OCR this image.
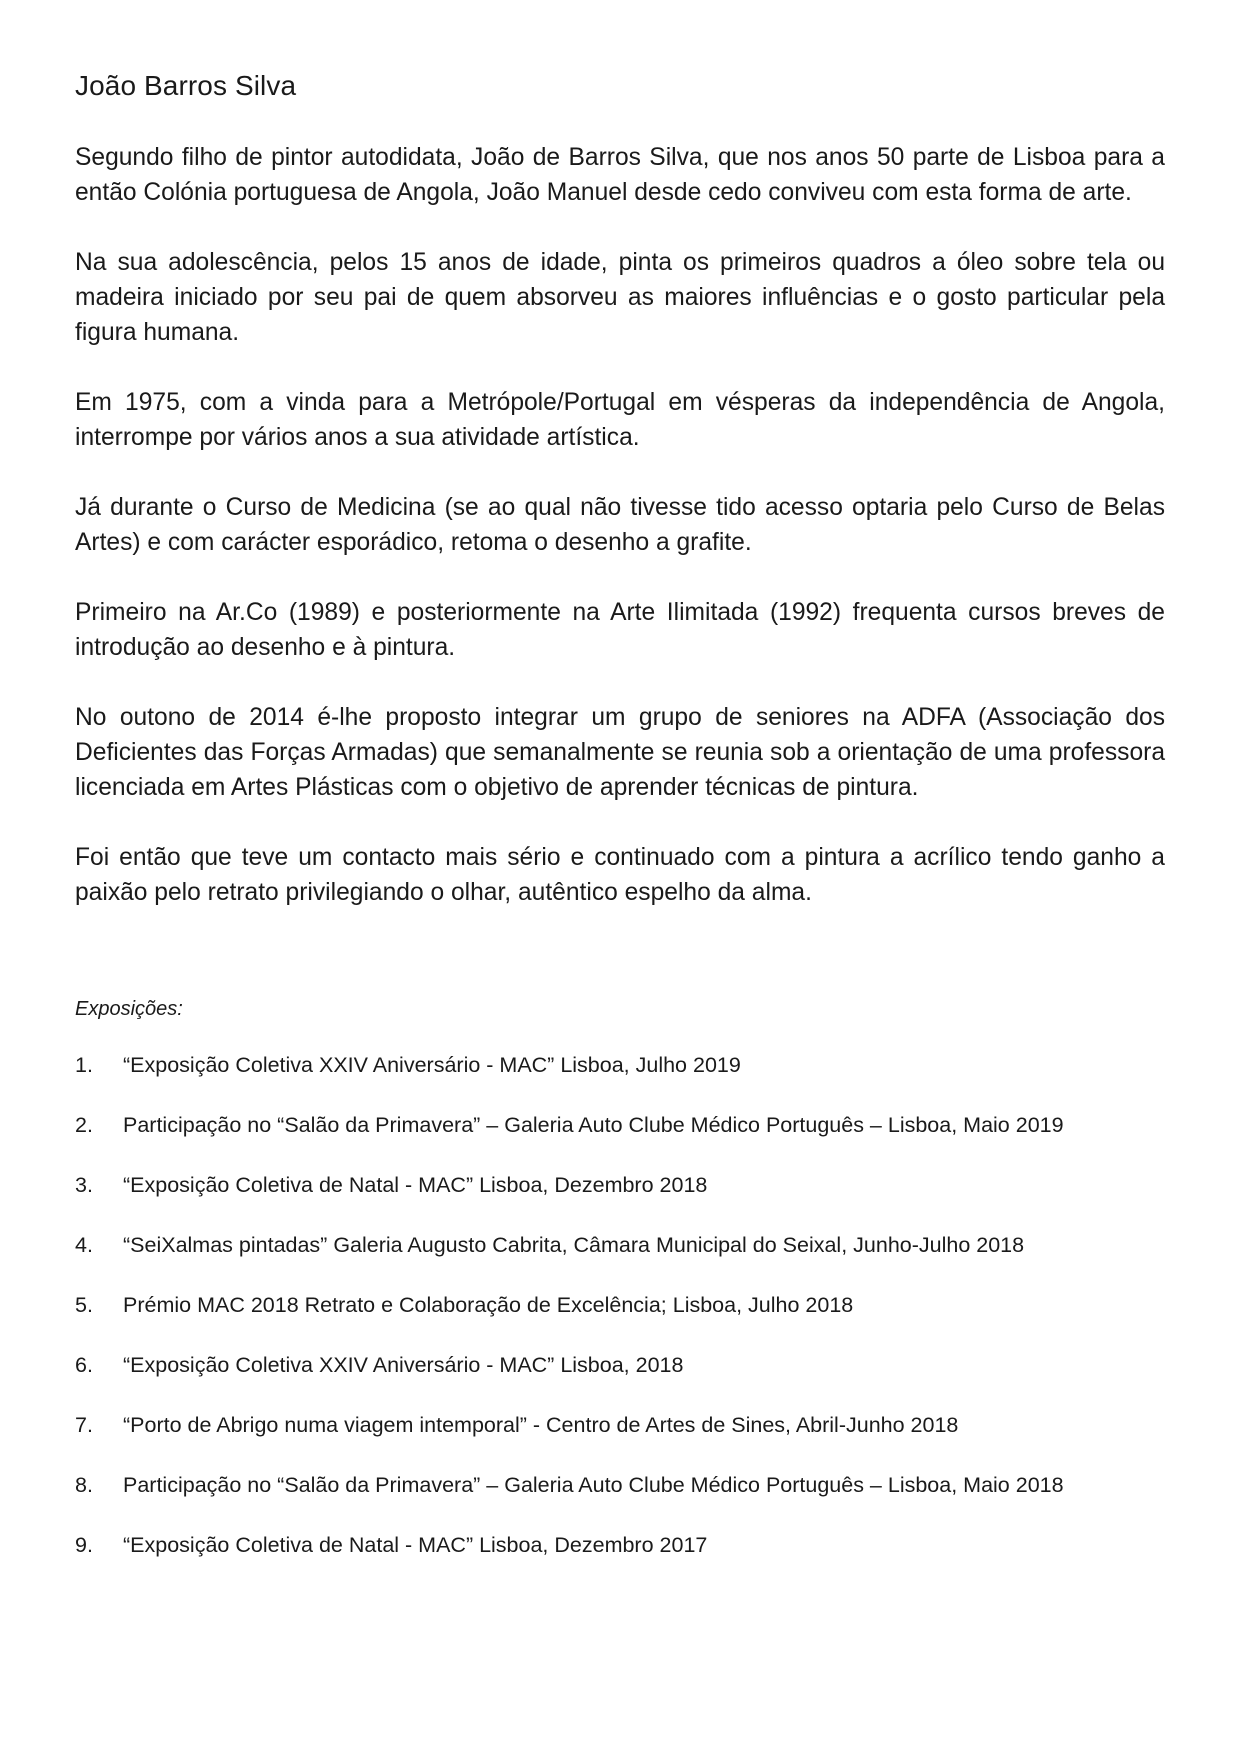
João Barros Silva

Segundo filho de pintor autodidata, João de Barros Silva, que nos anos 50 parte de Lisboa para a então Colónia portuguesa de Angola, João Manuel desde cedo conviveu com esta forma de arte.

Na sua adolescência, pelos 15 anos de idade, pinta os primeiros quadros a óleo sobre tela ou madeira iniciado por seu pai de quem absorveu as maiores influências e o gosto particular pela figura humana.

Em 1975, com a vinda para a Metrópole/Portugal em vésperas da independência de Angola, interrompe por vários anos a sua atividade artística.

Já durante o Curso de Medicina (se ao qual não tivesse tido acesso optaria pelo Curso de Belas Artes) e com carácter esporádico, retoma o desenho a grafite.

Primeiro na Ar.Co (1989) e posteriormente na Arte Ilimitada (1992) frequenta cursos breves de introdução ao desenho e à pintura.

No outono de 2014 é-lhe proposto integrar um grupo de seniores na ADFA (Associação dos Deficientes das Forças Armadas) que semanalmente se reunia sob a orientação de uma professora licenciada em Artes Plásticas com o objetivo de aprender técnicas de pintura.

Foi então que teve um contacto mais sério e continuado com a pintura a acrílico tendo ganho a paixão pelo retrato privilegiando o olhar, autêntico espelho da alma.

Exposições:
1.	“Exposição Coletiva XXIV Aniversário - MAC” Lisboa, Julho 2019
2.	Participação no “Salão da Primavera” – Galeria Auto Clube Médico Português – Lisboa, Maio 2019
3.	“Exposição Coletiva de Natal - MAC” Lisboa, Dezembro 2018
4.	“SeiXalmas pintadas” Galeria Augusto Cabrita, Câmara Municipal do Seixal, Junho-Julho 2018
5.	Prémio MAC 2018 Retrato e Colaboração de Excelência; Lisboa, Julho 2018
6.	“Exposição Coletiva XXIV Aniversário - MAC” Lisboa, 2018
7.	“Porto de Abrigo numa viagem intemporal” - Centro de Artes de Sines, Abril-Junho 2018
8.	Participação no “Salão da Primavera” – Galeria Auto Clube Médico Português – Lisboa, Maio 2018
9.	“Exposição Coletiva de Natal - MAC” Lisboa, Dezembro 2017
